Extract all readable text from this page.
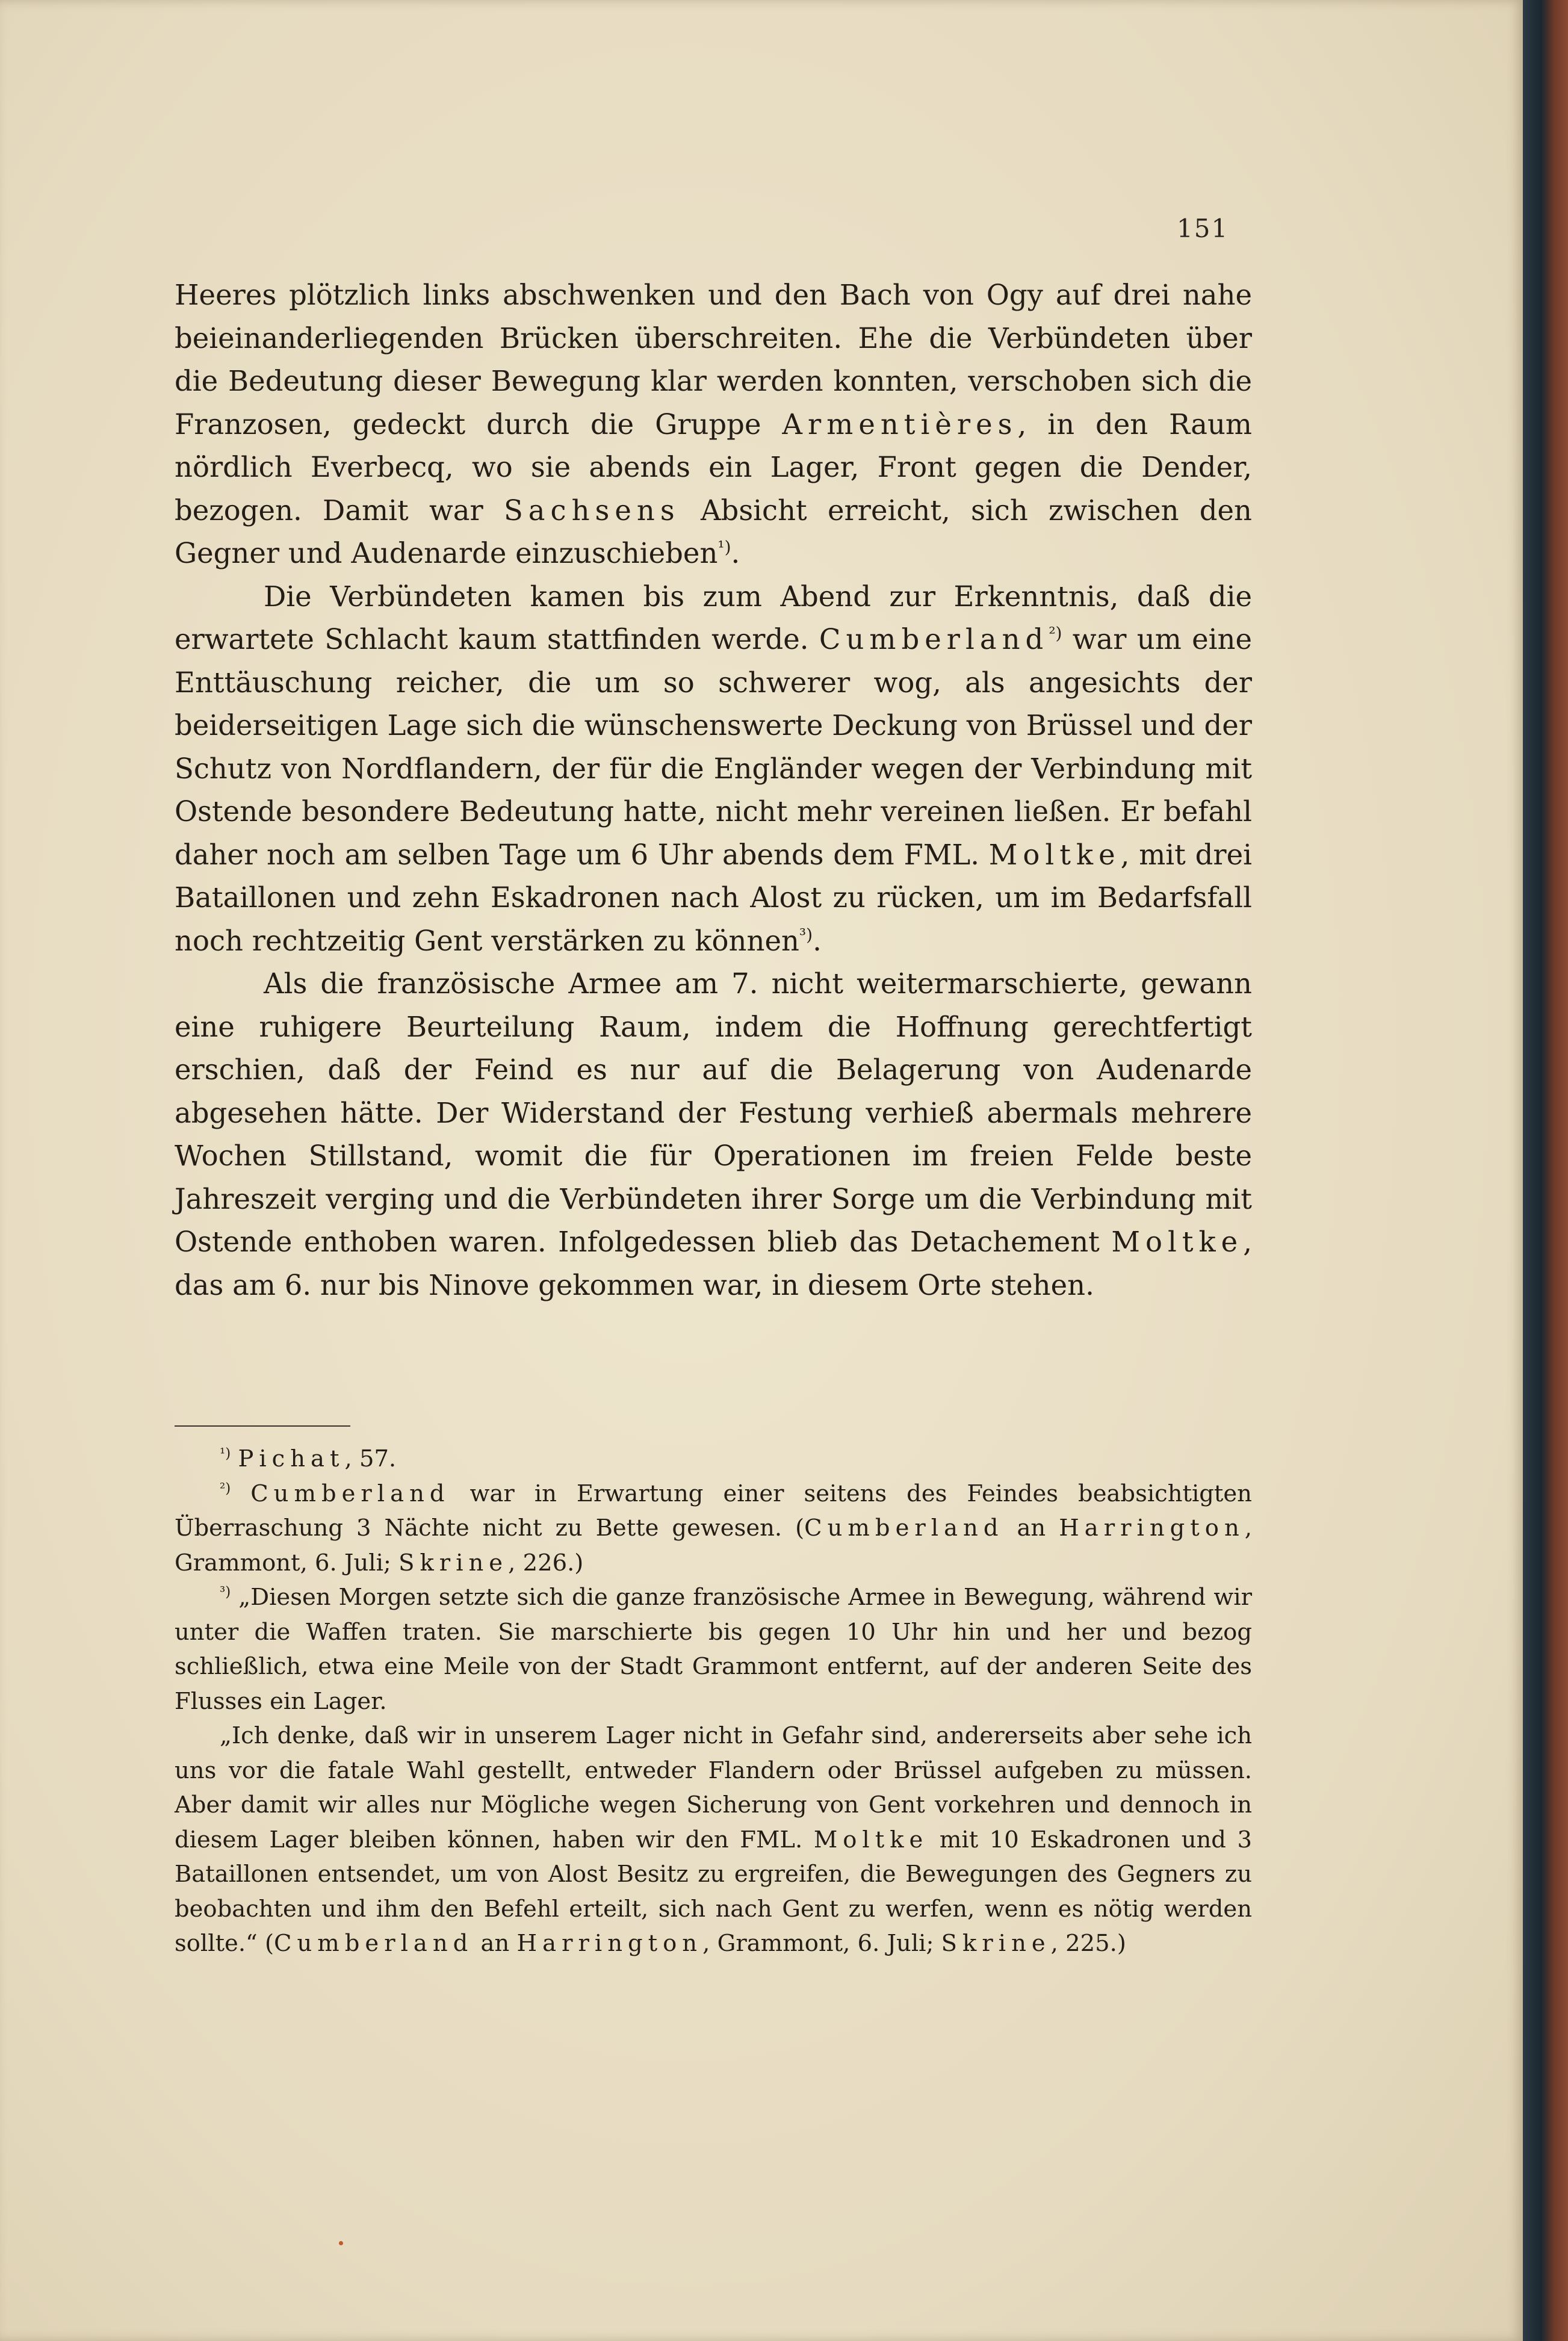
151

Heeres plötzlich links abschwenken und den Bach von Ogy auf drei nahe beieinanderliegenden Brücken überschreiten. Ehe die Verbündeten über die Bedeutung dieser Bewegung klar werden konnten, verschoben sich die Franzosen, gedeckt durch die Gruppe Armentières, in den Raum nördlich Everbecq, wo sie abends ein Lager, Front gegen die Dender, bezogen. Damit war Sachsens Absicht erreicht, sich zwischen den Gegner und Audenarde einzuschieben$^{^1)}$.

Die Verbündeten kamen bis zum Abend zur Erkenntnis, daß die erwartete Schlacht kaum stattfinden werde. Cumberland$^{^2)}$ war um eine Enttäuschung reicher, die um so schwerer wog, als angesichts der beiderseitigen Lage sich die wünschenswerte Deckung von Brüssel und der Schutz von Nordflandern, der für die Engländer wegen der Verbindung mit Ostende besondere Bedeutung hatte, nicht mehr vereinen ließen. Er befahl daher noch am selben Tage um 6 Uhr abends dem FML. Moltke, mit drei Bataillonen und zehn Eskadronen nach Alost zu rücken, um im Bedarfsfall noch rechtzeitig Gent verstärken zu können$^{^3)}$.

Als die französische Armee am 7. nicht weitermarschierte, gewann eine ruhigere Beurteilung Raum, indem die Hoffnung gerechtfertigt erschien, daß der Feind es nur auf die Belagerung von Audenarde abgesehen hätte. Der Widerstand der Festung verhieß abermals mehrere Wochen Stillstand, womit die für Operationen im freien Felde beste Jahreszeit verging und die Verbündeten ihrer Sorge um die Verbindung mit Ostende enthoben waren. Infolgedessen blieb das Detachement Moltke, das am 6. nur bis Ninove gekommen war, in diesem Orte stehen.

$^{^1)}$ Pichat, 57.

$^{^2)}$ Cumberland war in Erwartung einer seitens des Feindes beabsichtigten Überraschung 3 Nächte nicht zu Bette gewesen. (Cumberland an Harrington, Grammont, 6. Juli; Skrine, 226.)

$^{^3)}$ „Diesen Morgen setzte sich die ganze französische Armee in Bewegung, während wir unter die Waffen traten. Sie marschierte bis gegen 10 Uhr hin und her und bezog schließlich, etwa eine Meile von der Stadt Grammont entfernt, auf der anderen Seite des Flusses ein Lager.

„Ich denke, daß wir in unserem Lager nicht in Gefahr sind, andererseits aber sehe ich uns vor die fatale Wahl gestellt, entweder Flandern oder Brüssel aufgeben zu müssen. Aber damit wir alles nur Mögliche wegen Sicherung von Gent vorkehren und dennoch in diesem Lager bleiben können, haben wir den FML. Moltke mit 10 Eskadronen und 3 Bataillonen entsendet, um von Alost Besitz zu ergreifen, die Bewegungen des Gegners zu beobachten und ihm den Befehl erteilt, sich nach Gent zu werfen, wenn es nötig werden sollte.“ (Cumberland an Harrington, Grammont, 6. Juli; Skrine, 225.)
